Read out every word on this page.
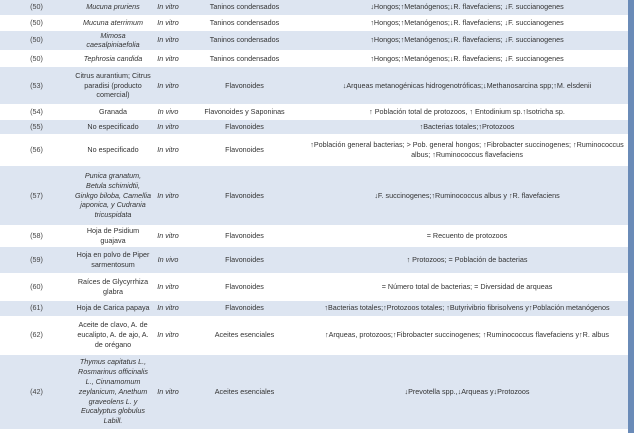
(50)	Mucuna pruriens	In vitro	Taninos condensados	↓Hongos;↑Metanógenos;↓R. flavefaciens; ↓F. succianogenes
(50)	Mucuna aterrimum	In vitro	Taninos condensados	↑Hongos;↑Metanógenos;↓R. flavefaciens; ↓F. succianogenes
(50)	Mimosa caesalpiniaefolia	In vitro	Taninos condensados	↑Hongos;↑Metanógenos;↓R. flavefaciens; ↓F. succianogenes
(50)	Tephrosia candida	In vitro	Taninos condensados	↑Hongos;↑Metanógenos;↓R. flavefaciens; ↓F. succianogenes
(53)	Citrus aurantium; Citrus paradisi (producto comercial)	In vitro	Flavonoides	↓Arqueas metanogénicas hidrogenotróficas;↓Methanosarcina spp;↑M. elsdenii
(54)	Granada	In vivo	Flavonoides y Saponinas	↑ Población total de protozoos, ↑ Entodinium sp.↑Isotricha sp.
(55)	No especificado	In vitro	Flavonoides	↑Bacterias totales;↑Protozoos
(56)	No especificado	In vitro	Flavonoides	↑Población general bacterias; > Pob. general hongos; ↑Fibrobacter succinogenes; ↑Ruminococcus albus; ↑Ruminococcus flavefaciens
(57)	Punica granatum, Betula schimidtii, Ginkgo biloba, Camellia japonica, y Cudrania tricuspidata	In vitro	Flavonoides	↓F. succinogenes;↑Ruminococcus albus y ↑R. flavefaciens
(58)	Hoja de Psidium guajava	In vitro	Flavonoides	= Recuento de protozoos
(59)	Hoja en polvo de Piper sarmentosum	In vivo	Flavonoides	↑ Protozoos; = Población de bacterias
(60)	Raíces de Glycyrrhiza glabra	In vitro	Flavonoides	= Número total de bacterias; = Diversidad de arqueas
(61)	Hoja de Carica papaya	In vitro	Flavonoides	↑Bacterias totales;↑Protozoos totales; ↑Butyrivibrio fibrisolvens y↑Población metanógenos
(62)	Aceite de clavo, A. de eucalipto, A. de ajo, A. de orégano	In vitro	Aceites esenciales	↑Arqueas, protozoos;↑Fibrobacter succinogenes; ↑Ruminococcus flavefaciens y↑R. albus
(42)	Thymus capitatus L., Rosmarinus officinalis L., Cinnamomum zeylanicum, Anethum graveolens L. y Eucalyptus globulus Labill.	In vitro	Aceites esenciales	↓Prevotella spp.,↓Arqueas y↓Protozoos
